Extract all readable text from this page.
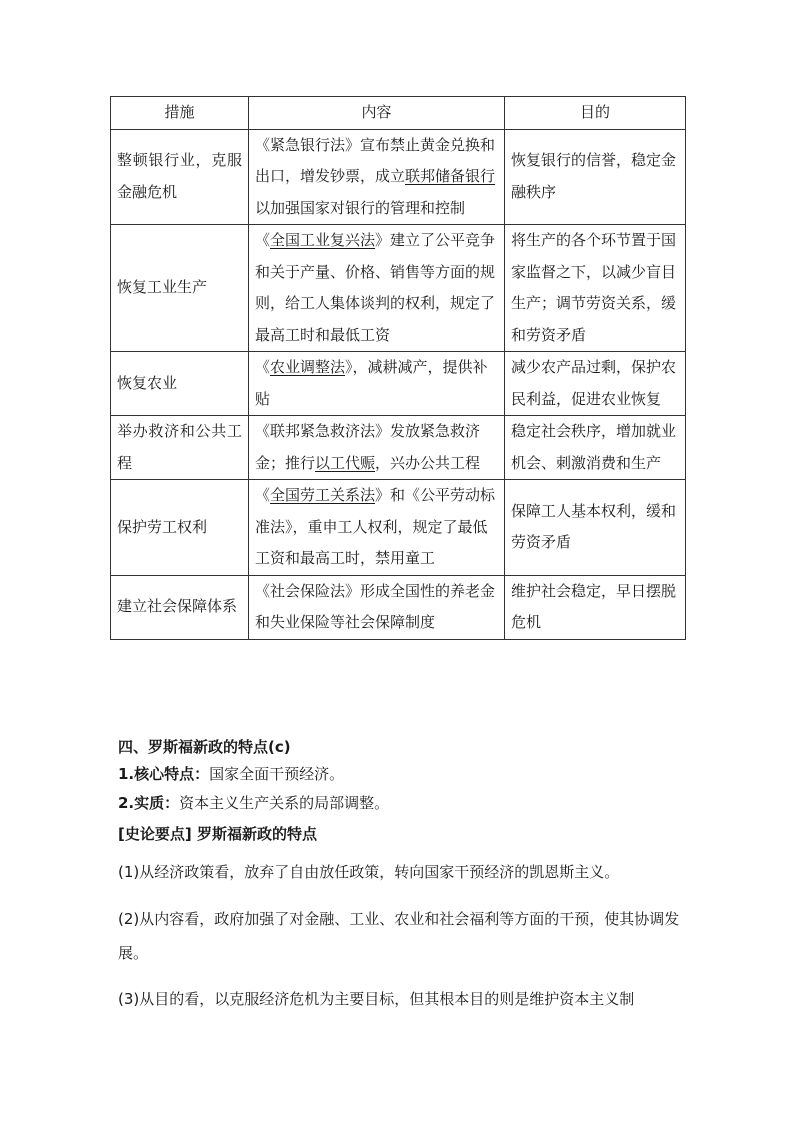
措施	内容	目的
整顿银行业，克服金融危机	《紧急银行法》宣布禁止黄金兑换和出口，增发钞票，成立联邦储备银行以加强国家对银行的管理和控制	恢复银行的信誉，稳定金融秩序
恢复工业生产	《全国工业复兴法》建立了公平竞争和关于产量、价格、销售等方面的规则，给工人集体谈判的权利，规定了最高工时和最低工资	将生产的各个环节置于国家监督之下，以减少盲目生产；调节劳资关系，缓和劳资矛盾
恢复农业	《农业调整法》，减耕减产，提供补贴	减少农产品过剩，保护农民利益，促进农业恢复
举办救济和公共工程	《联邦紧急救济法》发放紧急救济金；推行以工代赈，兴办公共工程	稳定社会秩序，增加就业机会、刺激消费和生产
保护劳工权利	《全国劳工关系法》和《公平劳动标准法》，重申工人权利，规定了最低工资和最高工时，禁用童工	保障工人基本权利，缓和劳资矛盾
建立社会保障体系	《社会保险法》形成全国性的养老金和失业保险等社会保障制度	维护社会稳定，早日摆脱危机
四、罗斯福新政的特点(c)
1.核心特点：国家全面干预经济。
2.实质：资本主义生产关系的局部调整。
[史论要点] 罗斯福新政的特点
(1)从经济政策看，放弃了自由放任政策，转向国家干预经济的凯恩斯主义。
(2)从内容看，政府加强了对金融、工业、农业和社会福利等方面的干预，使其协调发展。
(3)从目的看，以克服经济危机为主要目标，但其根本目的则是维护资本主义制
